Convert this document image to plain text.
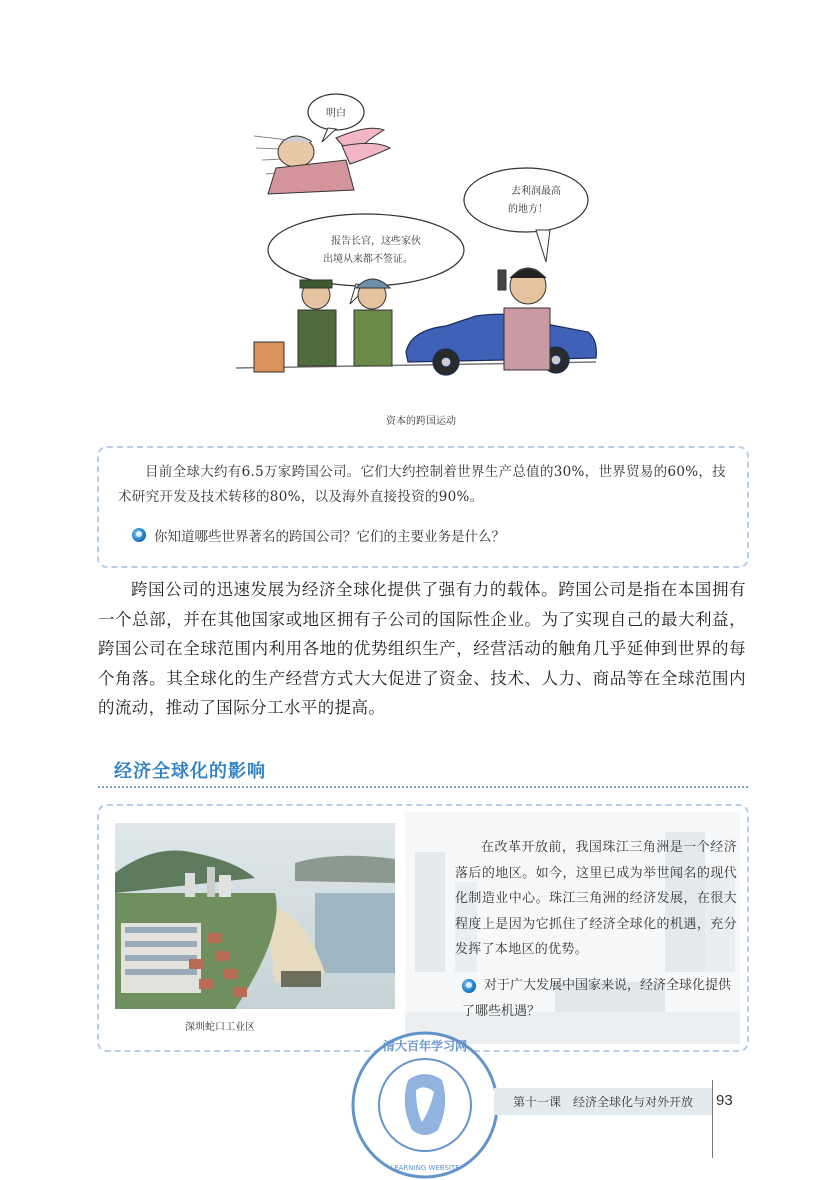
明白
去利润最高
的地方！
报告长官，这些家伙
出境从来都不签证。
资本的跨国运动
目前全球大约有6.5万家跨国公司。它们大约控制着世界生产总值的30%，世界贸易的60%，技术研究开发及技术转移的80%，以及海外直接投资的90%。
你知道哪些世界著名的跨国公司？它们的主要业务是什么？
跨国公司的迅速发展为经济全球化提供了强有力的载体。跨国公司是指在本国拥有一个总部，并在其他国家或地区拥有子公司的国际性企业。为了实现自己的最大利益，跨国公司在全球范围内利用各地的优势组织生产，经营活动的触角几乎延伸到世界的每个角落。其全球化的生产经营方式大大促进了资金、技术、人力、商品等在全球范围内的流动，推动了国际分工水平的提高。
经济全球化的影响
深圳蛇口工业区
在改革开放前，我国珠江三角洲是一个经济落后的地区。如今，这里已成为举世闻名的现代化制造业中心。珠江三角洲的经济发展，在很大程度上是因为它抓住了经济全球化的机遇，充分发挥了本地区的优势。
对于广大发展中国家来说，经济全球化提供了哪些机遇？
清大百年学习网
LEARNING WEBSITE
第十一课　经济全球化与对外开放 93
